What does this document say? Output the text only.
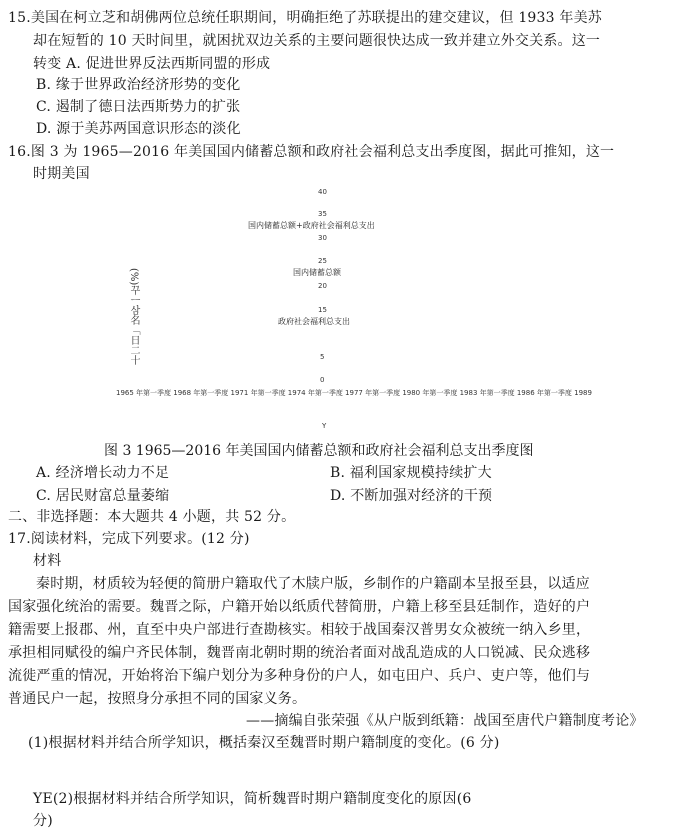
15.美国在柯立芝和胡佛两位总统任职期间，明确拒绝了苏联提出的建交建议，但 1933 年美苏
却在短暂的 10 天时间里，就困扰双边关系的主要问题很快达成一致并建立外交关系。这一
转变 A. 促进世界反法西斯同盟的形成
B. 缘于世界政治经济形势的变化
C. 遏制了德日法西斯势力的扩张
D. 源于美苏两国意识形态的淡化
16.图 3 为 1965—2016 年美国国内储蓄总额和政府社会福利总支出季度图，据此可推知，这一
时期美国
40
35
国内储蓄总额+政府社会福利总支出
30
25
国内储蓄总额
20
15
政府社会福利总支出
5
0
(%)꾸ㅡ삼名「日二十
1965 年第一季度 1968 年第一季度 1971 年第一季度 1974 年第一季度 1977 年第一季度 1980 年第一季度 1983 年第一季度 1986 年第一季度 1989
Y
图 3 1965—2016 年美国国内储蓄总额和政府社会福利总支出季度图
A. 经济增长动力不足	B. 福利国家规模持续扩大
C. 居民财富总量萎缩	D. 不断加强对经济的干预
二、非选择题：本大题共 4 小题，共 52 分。
17.阅读材料，完成下列要求。(12 分)
材料
秦时期，材质较为轻便的简册户籍取代了木牍户版，乡制作的户籍副本呈报至县，以适应
国家强化统治的需要。魏晋之际，户籍开始以纸质代替简册，户籍上移至县廷制作，造好的户
籍需要上报郡、州，直至中央户部进行查勘核实。相较于战国秦汉普男女众被统一纳入乡里，
承担相同赋役的编户齐民体制，魏晋南北朝时期的统治者面对战乱造成的人口锐减、民众逃移
流徙严重的情况，开始将治下编户划分为多种身份的户人，如屯田户、兵户、吏户等，他们与
普通民户一起，按照身分承担不同的国家义务。
——摘编自张荣强《从户版到纸籍：战国至唐代户籍制度考论》
(1)根据材料并结合所学知识，概括秦汉至魏晋时期户籍制度的变化。(6 分)
YE(2)根据材料并结合所学知识，简析魏晋时期户籍制度变化的原因(6
分)
